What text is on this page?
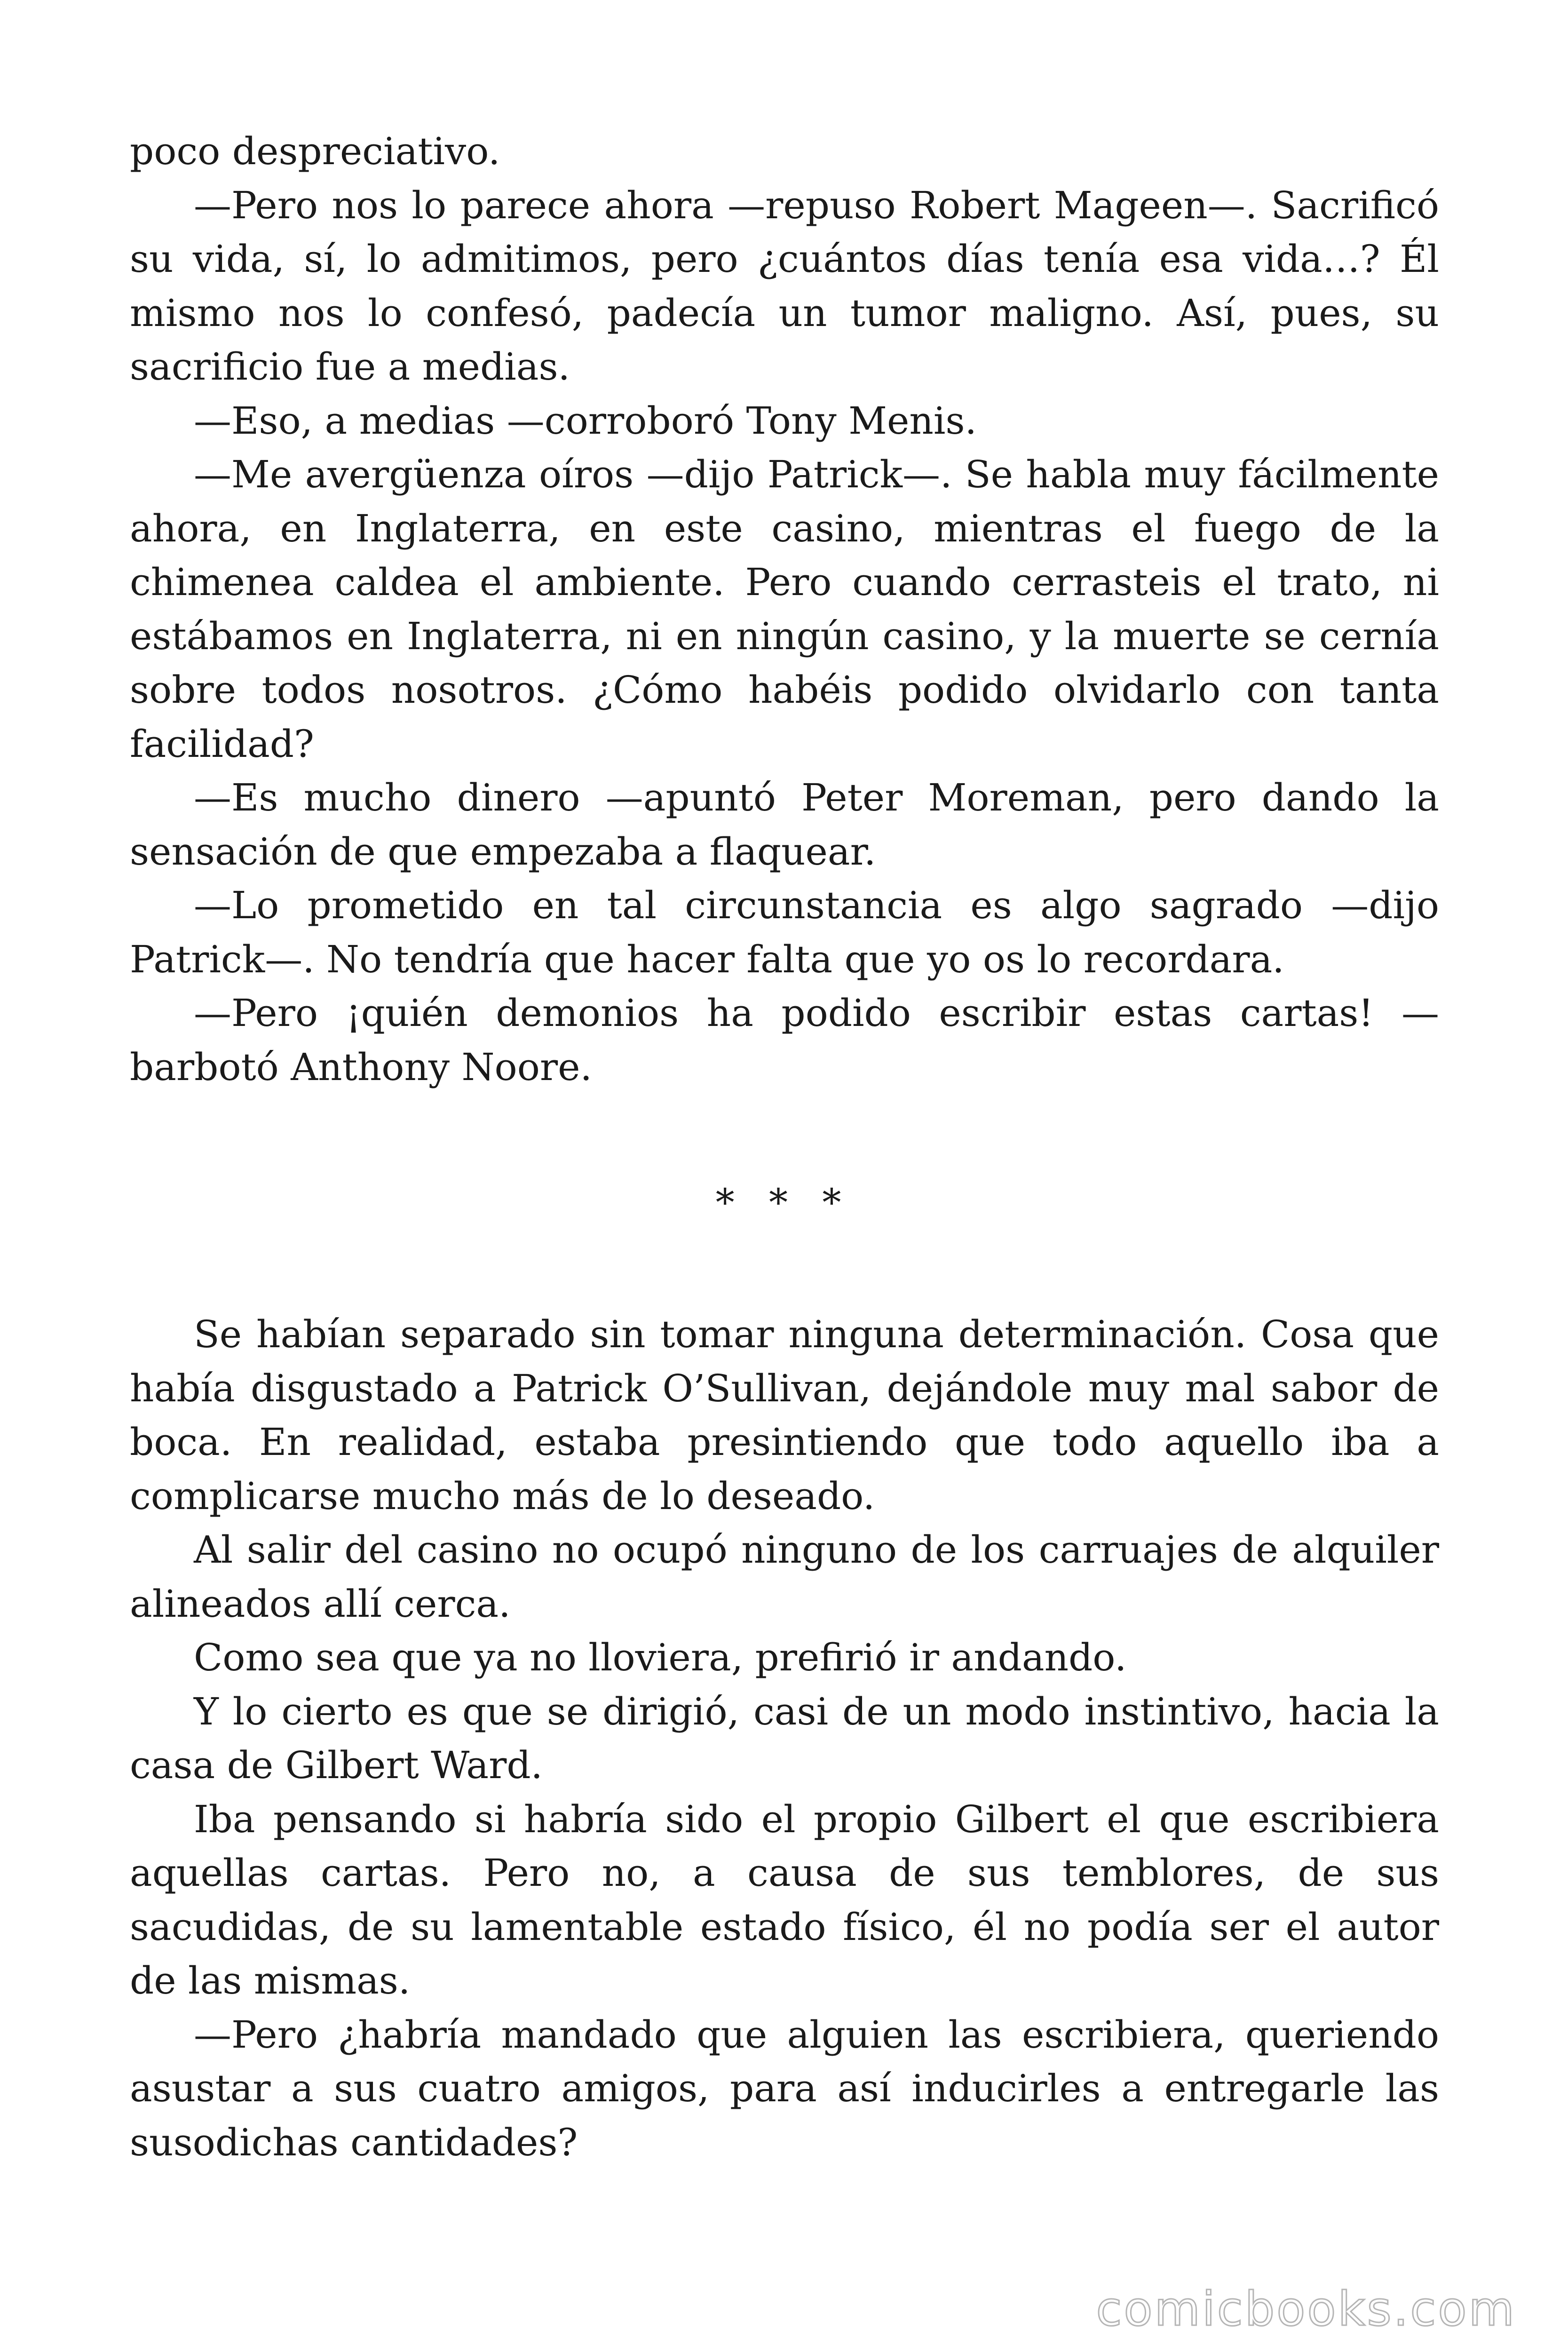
poco despreciativo.

—Pero nos lo parece ahora —repuso Robert Mageen—. Sacrificó su vida, sí, lo admitimos, pero ¿cuántos días tenía esa vida…? Él mismo nos lo confesó, padecía un tumor maligno. Así, pues, su sacrificio fue a medias.

—Eso, a medias —corroboró Tony Menis.

—Me avergüenza oíros —dijo Patrick—. Se habla muy fácilmente ahora, en Inglaterra, en este casino, mientras el fuego de la chimenea caldea el ambiente. Pero cuando cerrasteis el trato, ni estábamos en Inglaterra, ni en ningún casino, y la muerte se cernía sobre todos nosotros. ¿Cómo habéis podido olvidarlo con tanta facilidad?

—Es mucho dinero —apuntó Peter Moreman, pero dando la sensación de que empezaba a flaquear.

—Lo prometido en tal circunstancia es algo sagrado —dijo Patrick—. No tendría que hacer falta que yo os lo recordara.

—Pero ¡quién demonios ha podido escribir estas cartas! —barbotó Anthony Noore.

* * *

Se habían separado sin tomar ninguna determinación. Cosa que había disgustado a Patrick O’Sullivan, dejándole muy mal sabor de boca. En realidad, estaba presintiendo que todo aquello iba a complicarse mucho más de lo deseado.

Al salir del casino no ocupó ninguno de los carruajes de alquiler alineados allí cerca.

Como sea que ya no lloviera, prefirió ir andando.

Y lo cierto es que se dirigió, casi de un modo instintivo, hacia la casa de Gilbert Ward.

Iba pensando si habría sido el propio Gilbert el que escribiera aquellas cartas. Pero no, a causa de sus temblores, de sus sacudidas, de su lamentable estado físico, él no podía ser el autor de las mismas.

—Pero ¿habría mandado que alguien las escribiera, queriendo asustar a sus cuatro amigos, para así inducirles a entregarle las susodichas cantidades?

comicbooks.com
